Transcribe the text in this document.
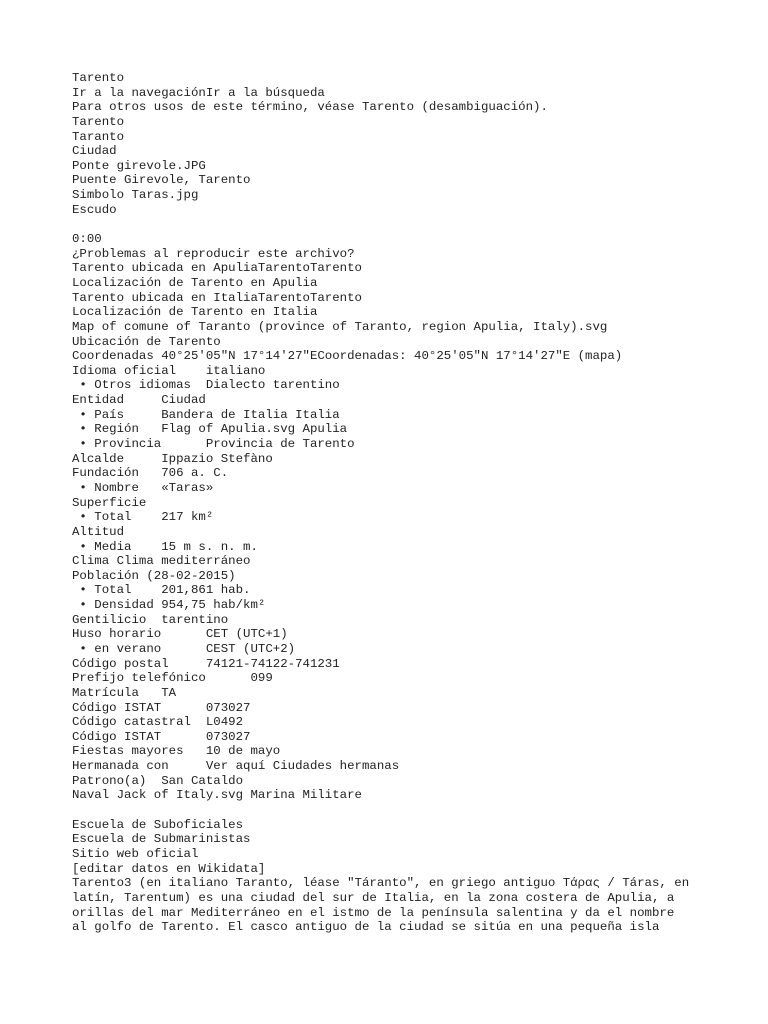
Tarento
Ir a la navegaciónIr a la búsqueda
Para otros usos de este término, véase Tarento (desambiguación).
Tarento
Taranto
Ciudad
Ponte girevole.JPG
Puente Girevole, Tarento
Simbolo Taras.jpg
Escudo
0:00
¿Problemas al reproducir este archivo?
Tarento ubicada en ApuliaTarentoTarento
Localización de Tarento en Apulia
Tarento ubicada en ItaliaTarentoTarento
Localización de Tarento en Italia
Map of comune of Taranto (province of Taranto, region Apulia, Italy).svg
Ubicación de Tarento
Coordenadas 40°25′05″N 17°14′27″ECoordenadas: 40°25′05″N 17°14′27″E (mapa)
Idioma oficial    italiano
• Otros idiomas  Dialecto tarentino
Entidad     Ciudad
• País     Bandera de Italia Italia
• Región   Flag of Apulia.svg Apulia
• Provincia      Provincia de Tarento
Alcalde     Ippazio Stefàno
Fundación   706 a. C.
• Nombre   «Taras»
Superficie
• Total    217 km²
Altitud
• Media    15 m s. n. m.
Clima Clima mediterráneo
Población (28-02-2015)
• Total    201,861 hab.
• Densidad 954,75 hab/km²
Gentilicio  tarentino
Huso horario      CET (UTC+1)
• en verano      CEST (UTC+2)
Código postal     74121-74122-741231
Prefijo telefónico      099
Matrícula   TA
Código ISTAT      073027
Código catastral  L0492
Código ISTAT      073027
Fiestas mayores   10 de mayo
Hermanada con     Ver aquí Ciudades hermanas
Patrono(a)  San Cataldo
Naval Jack of Italy.svg Marina Militare
Escuela de Suboficiales
Escuela de Submarinistas
Sitio web oficial
[editar datos en Wikidata]
Tarento3 (en italiano Taranto, léase "Táranto", en griego antiguo Τάρας / Táras, en
latín, Tarentum) es una ciudad del sur de Italia, en la zona costera de Apulia, a
orillas del mar Mediterráneo en el istmo de la península salentina y da el nombre
al golfo de Tarento. El casco antiguo de la ciudad se sitúa en una pequeña isla
